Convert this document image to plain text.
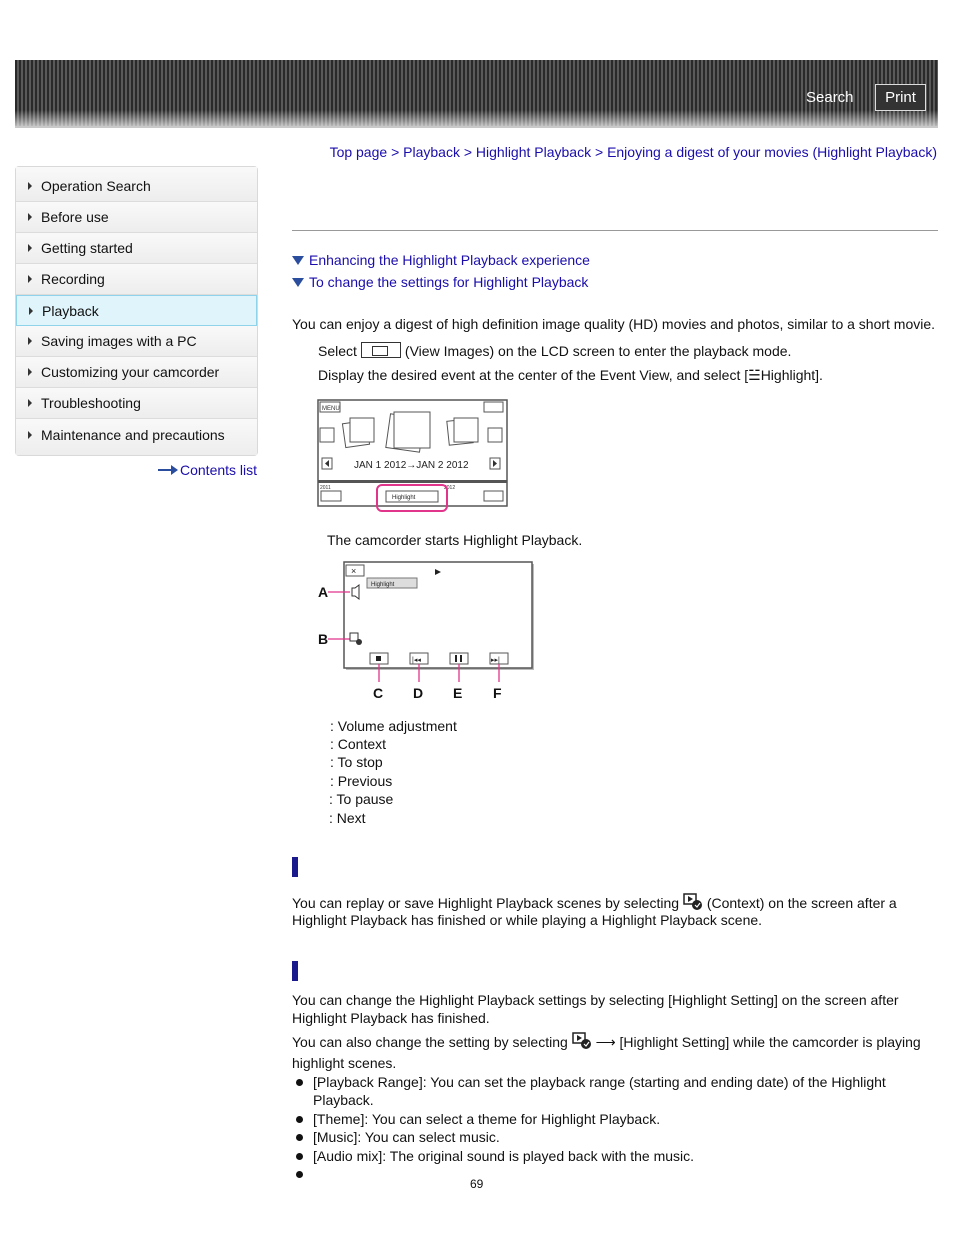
Search	Print
Top page > Playback > Highlight Playback > Enjoying a digest of your movies (Highlight Playback)
Operation Search
Before use
Getting started
Recording
Playback
Saving images with a PC
Customizing your camcorder
Troubleshooting
Maintenance and precautions
Contents list
Enhancing the Highlight Playback experience
To change the settings for Highlight Playback
You can enjoy a digest of high definition image quality (HD) movies and photos, similar to a short movie.
Select	(View Images) on the LCD screen to enter the playback mode.
Display the desired event at the center of the Event View, and select [☱Highlight].
MENU
JAN 1 2012→JAN 2 2012
2011	2012
Highlight
The camcorder starts Highlight Playback.
×
Highlight
A
B
|◂◂	▸▸|
C D E F
: Volume adjustment
: Context
: To stop
: Previous
: To pause
: Next
You can replay or save Highlight Playback scenes by selecting (Context) on the screen after a
Highlight Playback has finished or while playing a Highlight Playback scene.
You can change the Highlight Playback settings by selecting [Highlight Setting] on the screen after
Highlight Playback has finished.
You can also change the setting by selecting ⟶ [Highlight Setting] while the camcorder is playing
highlight scenes.
[Playback Range]: You can set the playback range (starting and ending date) of the Highlight
Playback.
[Theme]: You can select a theme for Highlight Playback.
[Music]: You can select music.
[Audio mix]: The original sound is played back with the music.
69
